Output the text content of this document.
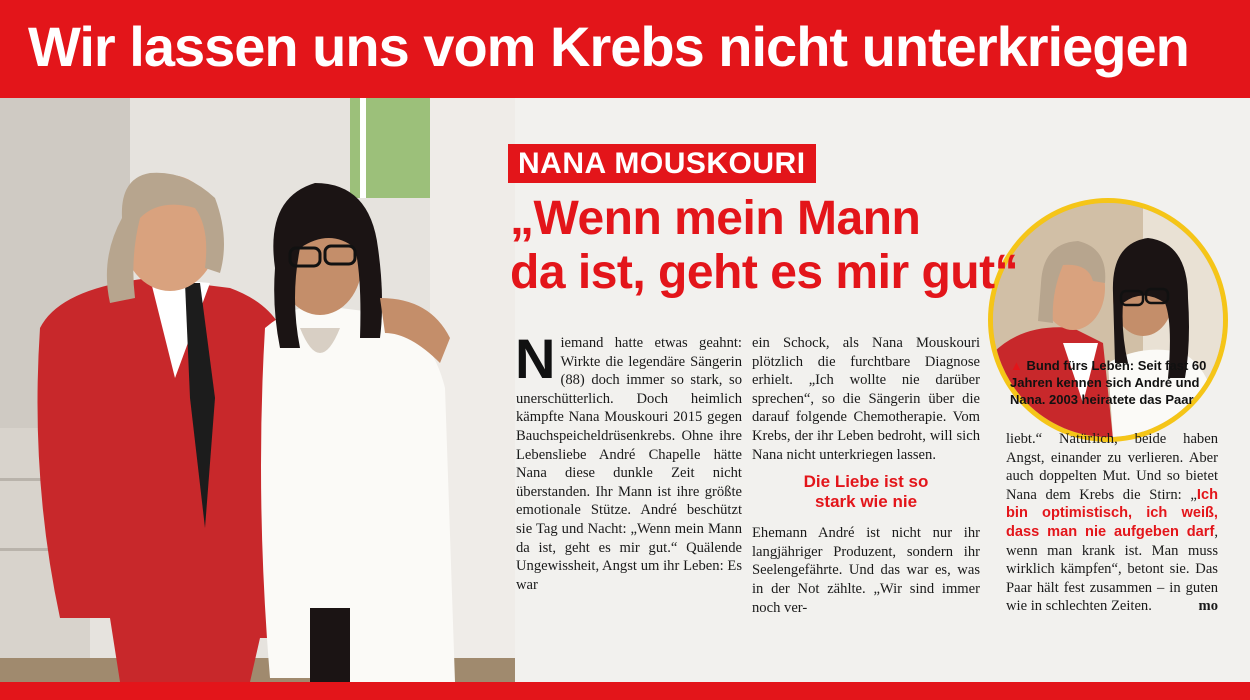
Wir lassen uns vom Krebs nicht unterkriegen
NANA MOUSKOURI
„Wenn mein Mann
da ist, geht es mir gut“
Niemand hatte etwas geahnt: Wirkte die legendäre Sängerin (88) doch immer so stark, so unerschütterlich. Doch heimlich kämpfte Nana Mouskouri 2015 gegen Bauchspeicheldrüsenkrebs. Ohne ihre Lebensliebe André Chapelle hätte Nana diese dunkle Zeit nicht überstanden. Ihr Mann ist ihre größte emotionale Stütze. André beschützt sie Tag und Nacht: „Wenn mein Mann da ist, geht es mir gut.“ Quälende Ungewissheit, Angst um ihr Leben: Es war
ein Schock, als Nana Mouskouri plötzlich die furchtbare Diagnose erhielt. „Ich wollte nie darüber sprechen“, so die Sängerin über die darauf folgende Chemotherapie. Vom Krebs, der ihr Leben bedroht, will sich Nana nicht unterkriegen lassen.
Die Liebe ist so
stark wie nie
Ehemann André ist nicht nur ihr langjähriger Produzent, sondern ihr Seelengefährte. Und das war es, was in der Not zählte. „Wir sind immer noch ver-
▲ Bund fürs Leben: Seit fast 60 Jahren kennen sich André und Nana. 2003 heiratete das Paar
liebt.“ Natürlich, beide haben Angst, einander zu verlieren. Aber auch doppelten Mut. Und so bietet Nana dem Krebs die Stirn: „Ich bin optimistisch, ich weiß, dass man nie aufgeben darf, wenn man krank ist. Man muss wirklich kämpfen“, betont sie. Das Paar hält fest zusammen – in guten wie in schlechten Zeiten.	mo
